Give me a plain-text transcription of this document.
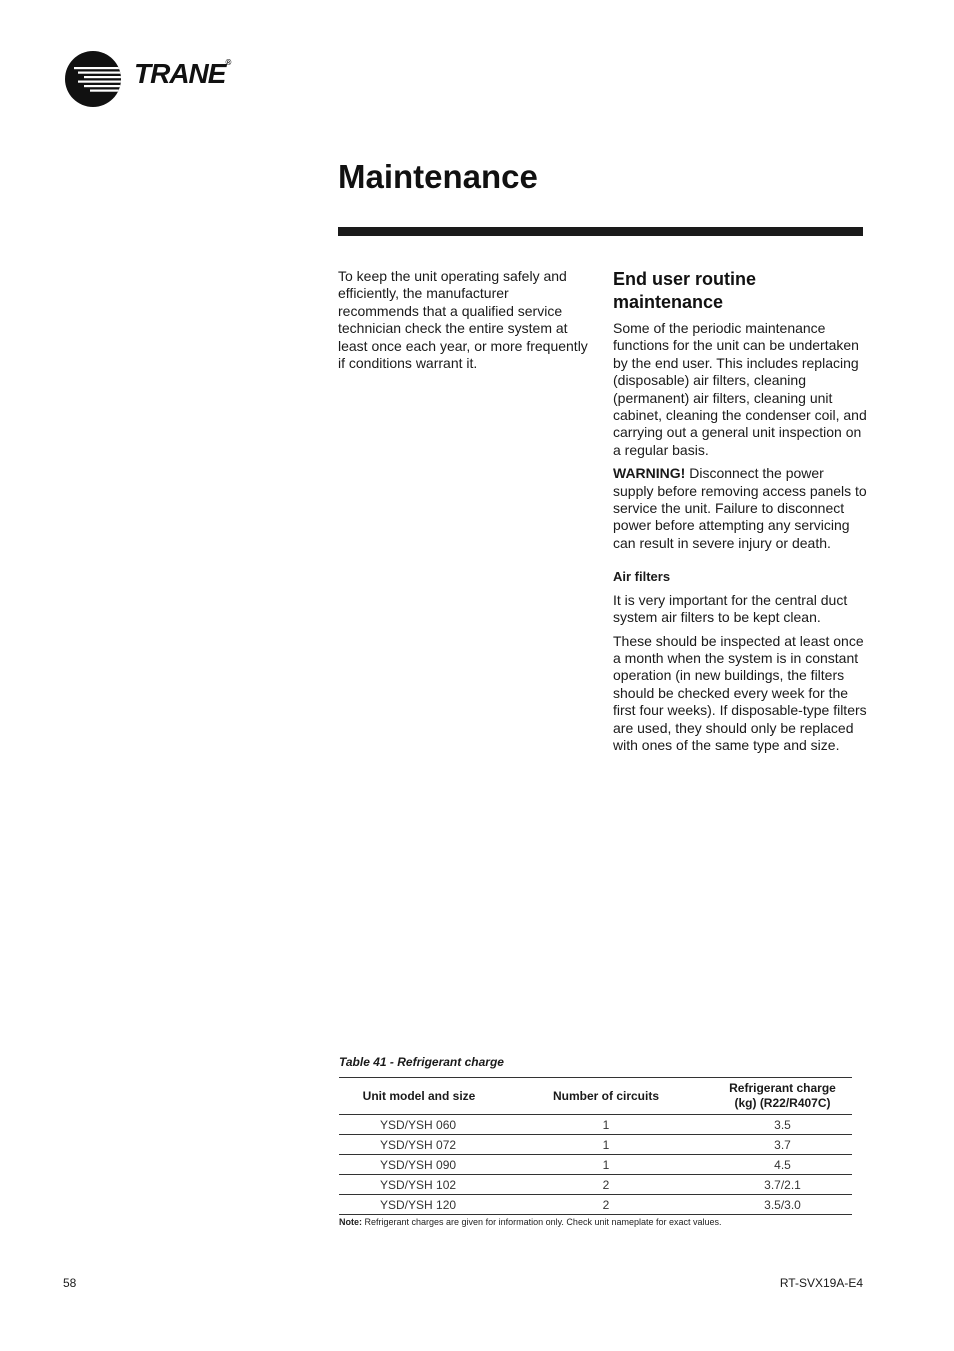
TRANE®
Maintenance

To keep the unit operating safely and efficiently, the manufacturer recommends that a qualified service technician check the entire system at least once each year, or more frequently if conditions warrant it.

End user routine maintenance

Some of the periodic maintenance functions for the unit can be undertaken by the end user. This includes replacing (disposable) air filters, cleaning (permanent) air filters, cleaning unit cabinet, cleaning the condenser coil, and carrying out a general unit inspection on a regular basis.

WARNING! Disconnect the power supply before removing access panels to service the unit. Failure to disconnect power before attempting any servicing can result in severe injury or death.

Air filters

It is very important for the central duct system air filters to be kept clean.

These should be inspected at least once a month when the system is in constant operation (in new buildings, the filters should be checked every week for the first four weeks). If disposable-type filters are used, they should only be replaced with ones of the same type and size.

Table 41 - Refrigerant charge
Unit model and size	Number of circuits	Refrigerant charge (kg) (R22/R407C)
YSD/YSH 060	1	3.5
YSD/YSH 072	1	3.7
YSD/YSH 090	1	4.5
YSD/YSH 102	2	3.7/2.1
YSD/YSH 120	2	3.5/3.0
Note: Refrigerant charges are given for information only. Check unit nameplate for exact values.
58	RT-SVX19A-E4
